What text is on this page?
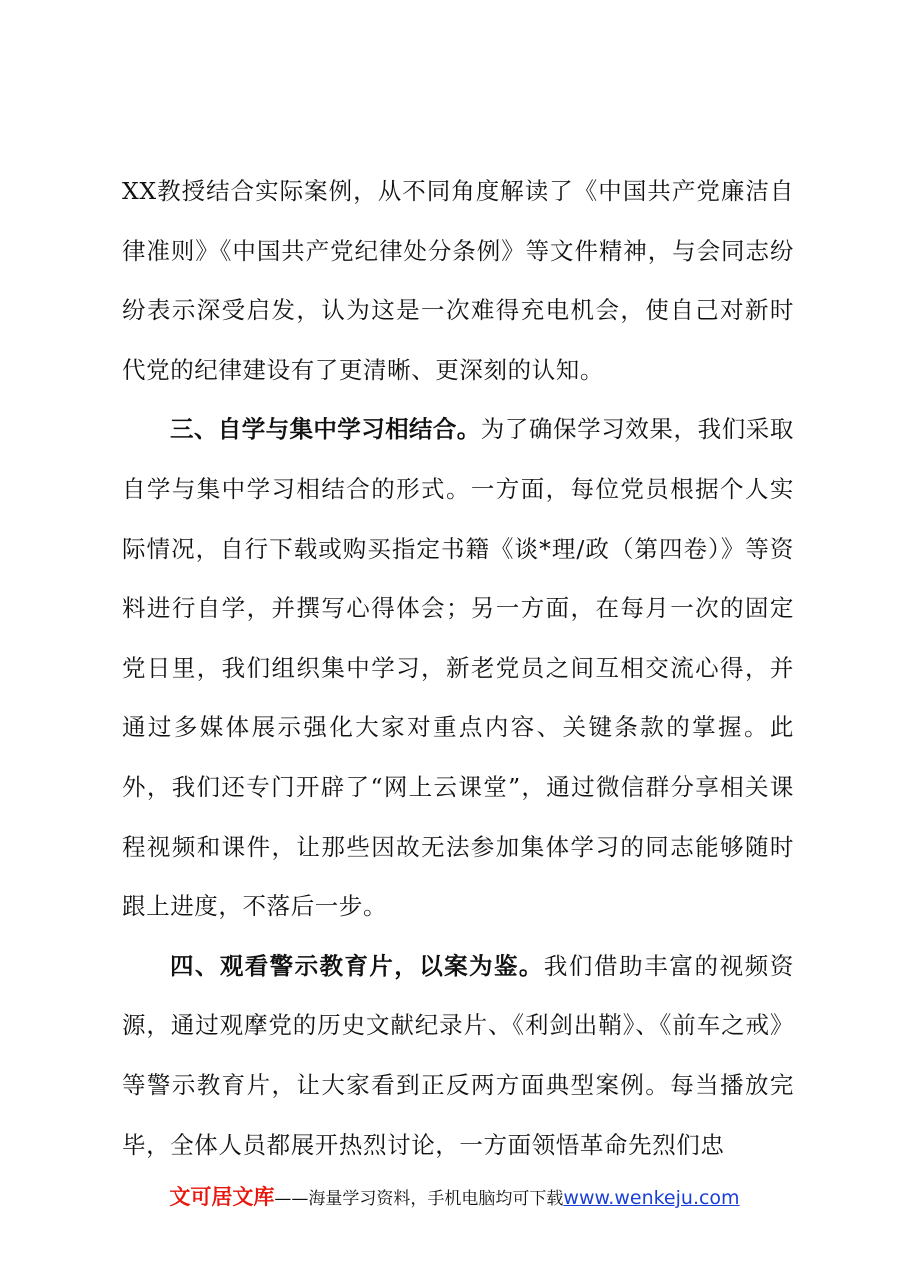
XX教授结合实际案例，从不同角度解读了《中国共产党廉洁自律准则》《中国共产党纪律处分条例》等文件精神，与会同志纷纷表示深受启发，认为这是一次难得充电机会，使自己对新时代党的纪律建设有了更清晰、更深刻的认知。

三、自学与集中学习相结合。为了确保学习效果，我们采取自学与集中学习相结合的形式。一方面，每位党员根据个人实际情况，自行下载或购买指定书籍《谈*理/政（第四卷）》等资料进行自学，并撰写心得体会；另一方面，在每月一次的固定党日里，我们组织集中学习，新老党员之间互相交流心得，并通过多媒体展示强化大家对重点内容、关键条款的掌握。此外，我们还专门开辟了“网上云课堂”，通过微信群分享相关课程视频和课件，让那些因故无法参加集体学习的同志能够随时跟上进度，不落后一步。

四、观看警示教育片，以案为鉴。我们借助丰富的视频资源，通过观摩党的历史文献纪录片、《利剑出鞘》、《前车之戒》等警示教育片，让大家看到正反两方面典型案例。每当播放完毕，全体人员都展开热烈讨论，一方面领悟革命先烈们忠

文可居文库——海量学习资料，手机电脑均可下载www.wenkeju.com
